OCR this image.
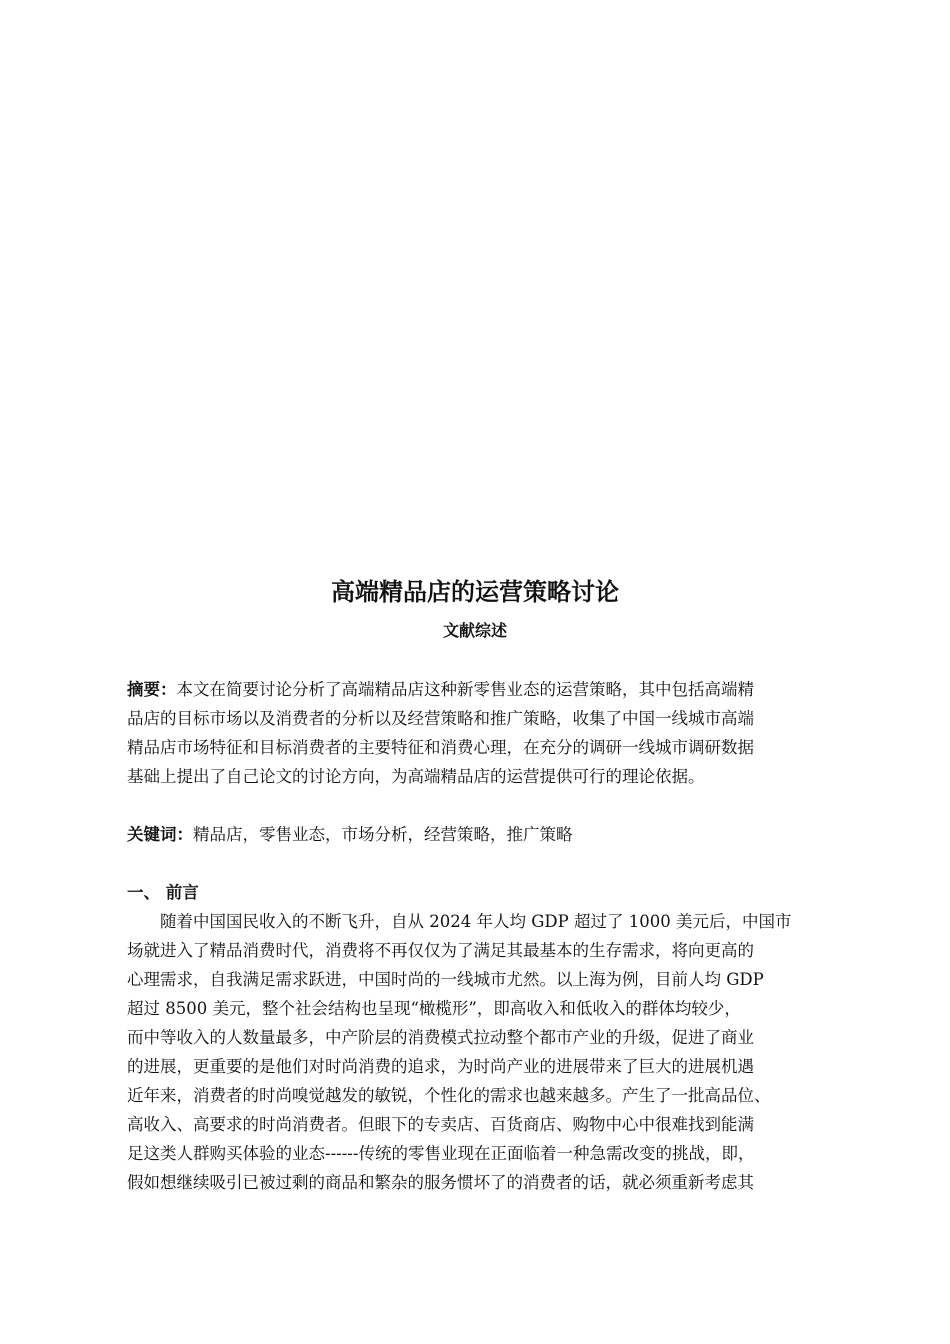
高端精品店的运营策略讨论
文献综述
摘要：本文在简要讨论分析了高端精品店这种新零售业态的运营策略，其中包括高端精
品店的目标市场以及消费者的分析以及经营策略和推广策略，收集了中国一线城市高端
精品店市场特征和目标消费者的主要特征和消费心理，在充分的调研一线城市调研数据
基础上提出了自己论文的讨论方向，为高端精品店的运营提供可行的理论依据。
关键词：精品店，零售业态，市场分析，经营策略，推广策略
一、 前言
　　随着中国国民收入的不断飞升，自从 2024 年人均 GDP 超过了 1000 美元后，中国市
场就进入了精品消费时代，消费将不再仅仅为了满足其最基本的生存需求，将向更高的
心理需求，自我满足需求跃进，中国时尚的一线城市尤然。以上海为例，目前人均 GDP
超过 8500 美元，整个社会结构也呈现“橄榄形”，即高收入和低收入的群体均较少，
而中等收入的人数量最多，中产阶层的消费模式拉动整个都市产业的升级，促进了商业
的进展，更重要的是他们对时尚消费的追求，为时尚产业的进展带来了巨大的进展机遇
近年来，消费者的时尚嗅觉越发的敏锐，个性化的需求也越来越多。产生了一批高品位、
高收入、高要求的时尚消费者。但眼下的专卖店、百货商店、购物中心中很难找到能满
足这类人群购买体验的业态------传统的零售业现在正面临着一种急需改变的挑战，即，
假如想继续吸引已被过剩的商品和繁杂的服务惯坏了的消费者的话，就必须重新考虑其
